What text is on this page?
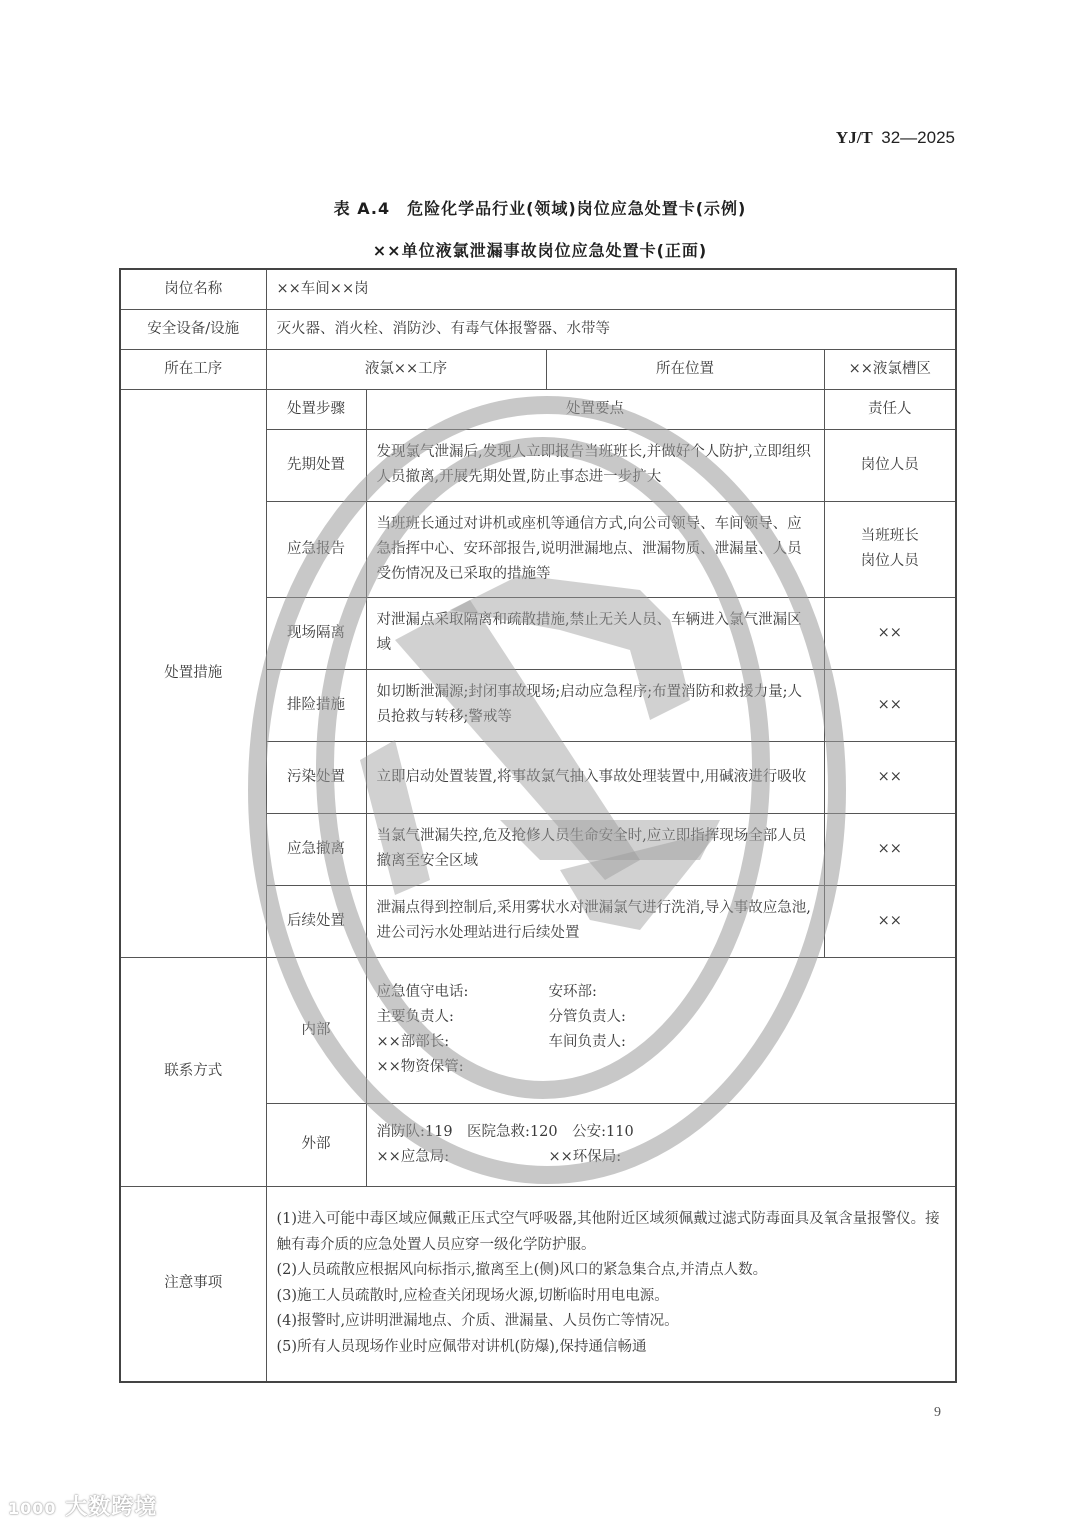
YJ/T 32—2025
表 A.4　危险化学品行业(领域)岗位应急处置卡(示例)
××单位液氯泄漏事故岗位应急处置卡(正面)
岗位名称	××车间××岗			
安全设备/设施	灭火器、消火栓、消防沙、有毒气体报警器、水带等			
所在工序	液氯××工序		所在位置	××液氯槽区
处置措施	处置步骤	处置要点		责任人
	先期处置	发现氯气泄漏后,发现人立即报告当班班长,并做好个人防护,立即组织人员撤离,开展先期处置,防止事态进一步扩大		岗位人员
	应急报告	当班班长通过对讲机或座机等通信方式,向公司领导、车间领导、应急指挥中心、安环部报告,说明泄漏地点、泄漏物质、泄漏量、人员受伤情况及已采取的措施等		当班班长
岗位人员

	现场隔离	对泄漏点采取隔离和疏散措施,禁止无关人员、车辆进入氯气泄漏区域		××
	排险措施	如切断泄漏源;封闭事故现场;启动应急程序;布置消防和救援力量;人员抢救与转移;警戒等		××
	污染处置	立即启动处置装置,将事故氯气抽入事故处理装置中,用碱液进行吸收		××
	应急撤离	当氯气泄漏失控,危及抢修人员生命安全时,应立即指挥现场全部人员撤离至安全区域		××
	后续处置	泄漏点得到控制后,采用雾状水对泄漏氯气进行洗消,导入事故应急池,进公司污水处理站进行后续处置		××
联系方式	内部	
应急值守电话:	安环部:
主要负责人:	分管负责人:
××部部长:	车间负责人:
××物资保管:

	外部	消防队:119　医院急救:120　公安:110
××应急局: ××环保局:		

注意事项	(1)进入可能中毒区域应佩戴正压式空气呼吸器,其他附近区域须佩戴过滤式防毒面具及氧含量报警仪。接触有毒介质的应急处置人员应穿一级化学防护服。
(2)人员疏散应根据风向标指示,撤离至上(侧)风口的紧急集合点,并清点人数。
(3)施工人员疏散时,应检查关闭现场火源,切断临时用电电源。
(4)报警时,应讲明泄漏地点、介质、泄漏量、人员伤亡等情况。
(5)所有人员现场作业时应佩带对讲机(防爆),保持通信畅通			
1000 大数跨境
9
